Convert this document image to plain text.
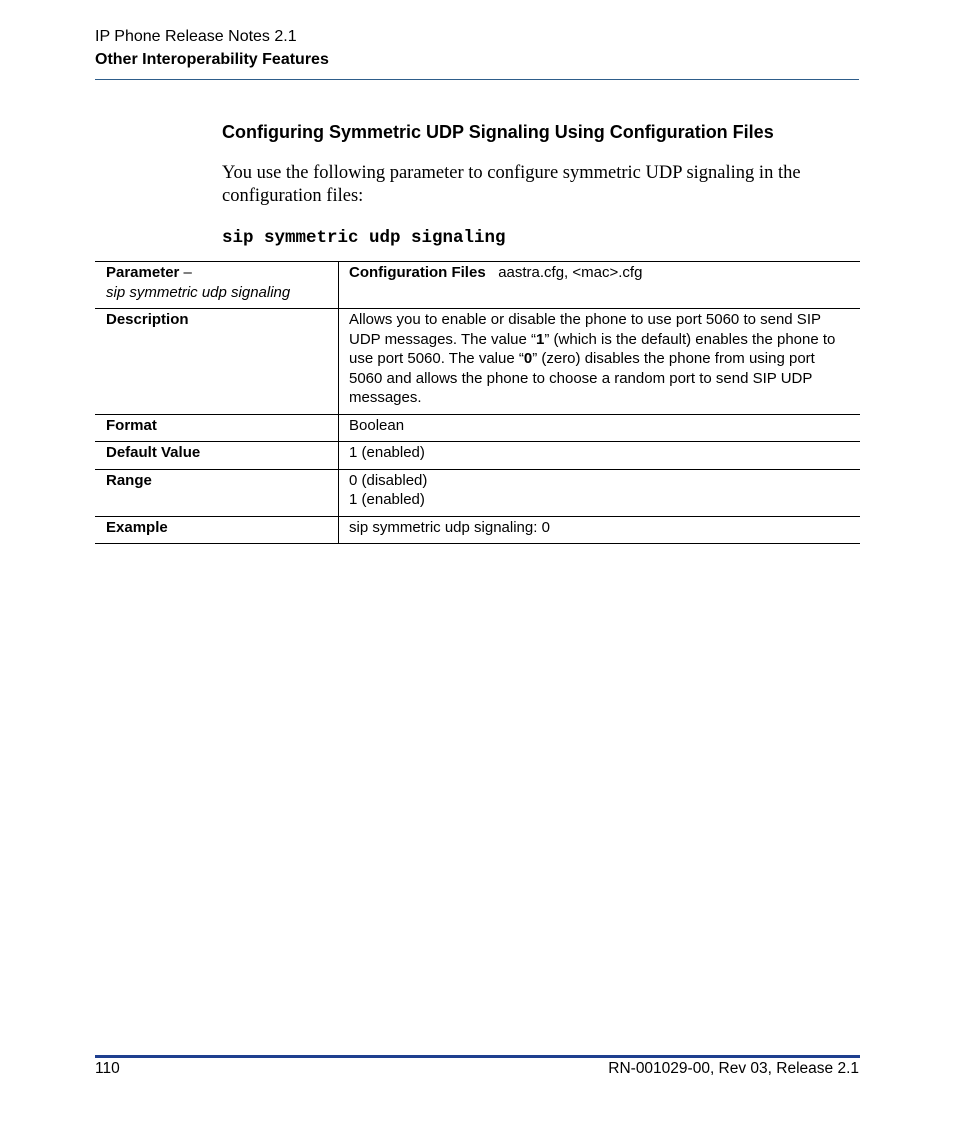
IP Phone Release Notes 2.1
Other Interoperability Features
Configuring Symmetric UDP Signaling Using Configuration Files
You use the following parameter to configure symmetric UDP signaling in the configuration files:
sip symmetric udp signaling
Parameter –
sip symmetric udp signaling	Configuration Files aastra.cfg, <mac>.cfg
Description	Allows you to enable or disable the phone to use port 5060 to send SIP UDP messages. The value “1” (which is the default) enables the phone to use port 5060. The value “0” (zero) disables the phone from using port 5060 and allows the phone to choose a random port to send SIP UDP messages.
Format	Boolean
Default Value	1 (enabled)
Range	0 (disabled)
1 (enabled)
Example	sip symmetric udp signaling: 0
110	RN-001029-00, Rev 03, Release 2.1
